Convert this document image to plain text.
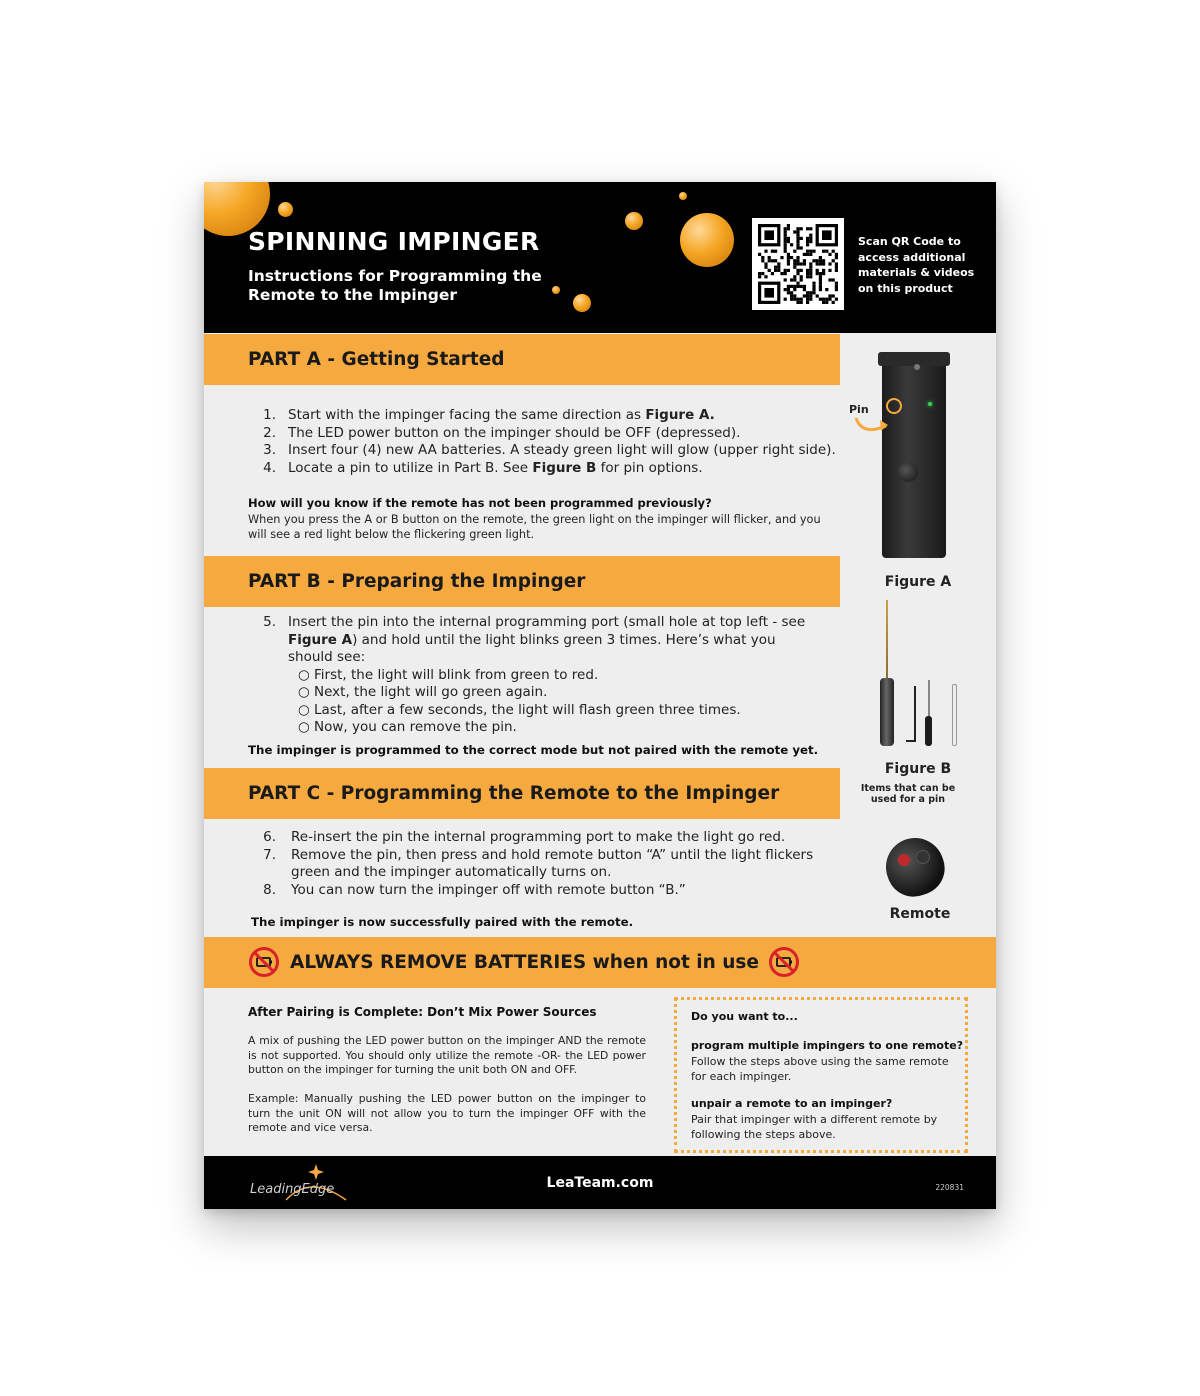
SPINNING IMPINGER

Instructions for Programming the Remote to the Impinger

Scan QR Code to access additional materials & videos on this product
PART A - Getting Started
1. Start with the impinger facing the same direction as Figure A.
2. The LED power button on the impinger should be OFF (depressed).
3. Insert four (4) new AA batteries. A steady green light will glow (upper right side).
4. Locate a pin to utilize in Part B. See Figure B for pin options.
How will you know if the remote has not been programmed previously?
When you press the A or B button on the remote, the green light on the impinger will flicker, and you will see a red light below the flickering green light.
PART B - Preparing the Impinger
5. Insert the pin into the internal programming port (small hole at top left - see Figure A) and hold until the light blinks green 3 times. Here’s what you should see:
○ First, the light will blink from green to red.
○ Next, the light will go green again.
○ Last, after a few seconds, the light will flash green three times.
○ Now, you can remove the pin.
The impinger is programmed to the correct mode but not paired with the remote yet.
PART C - Programming the Remote to the Impinger
6. Re-insert the pin the internal programming port to make the light go red.
7. Remove the pin, then press and hold remote button “A” until the light flickers green and the impinger automatically turns on.
8. You can now turn the impinger off with remote button “B.”
The impinger is now successfully paired with the remote.
Pin
Figure A
Figure B
Items that can be used for a pin
Remote
ALWAYS REMOVE BATTERIES when not in use
After Pairing is Complete: Don’t Mix Power Sources

A mix of pushing the LED power button on the impinger AND the remote is not supported. You should only utilize the remote -OR- the LED power button on the impinger for turning the unit both ON and OFF.

Example: Manually pushing the LED power button on the impinger to turn the unit ON will not allow you to turn the impinger OFF with the remote and vice versa.

Do you want to...
program multiple impingers to one remote?
Follow the steps above using the same remote for each impinger.
unpair a remote to an impinger?
Pair that impinger with a different remote by following the steps above.
LeadingEdge	LeaTeam.com	220831
